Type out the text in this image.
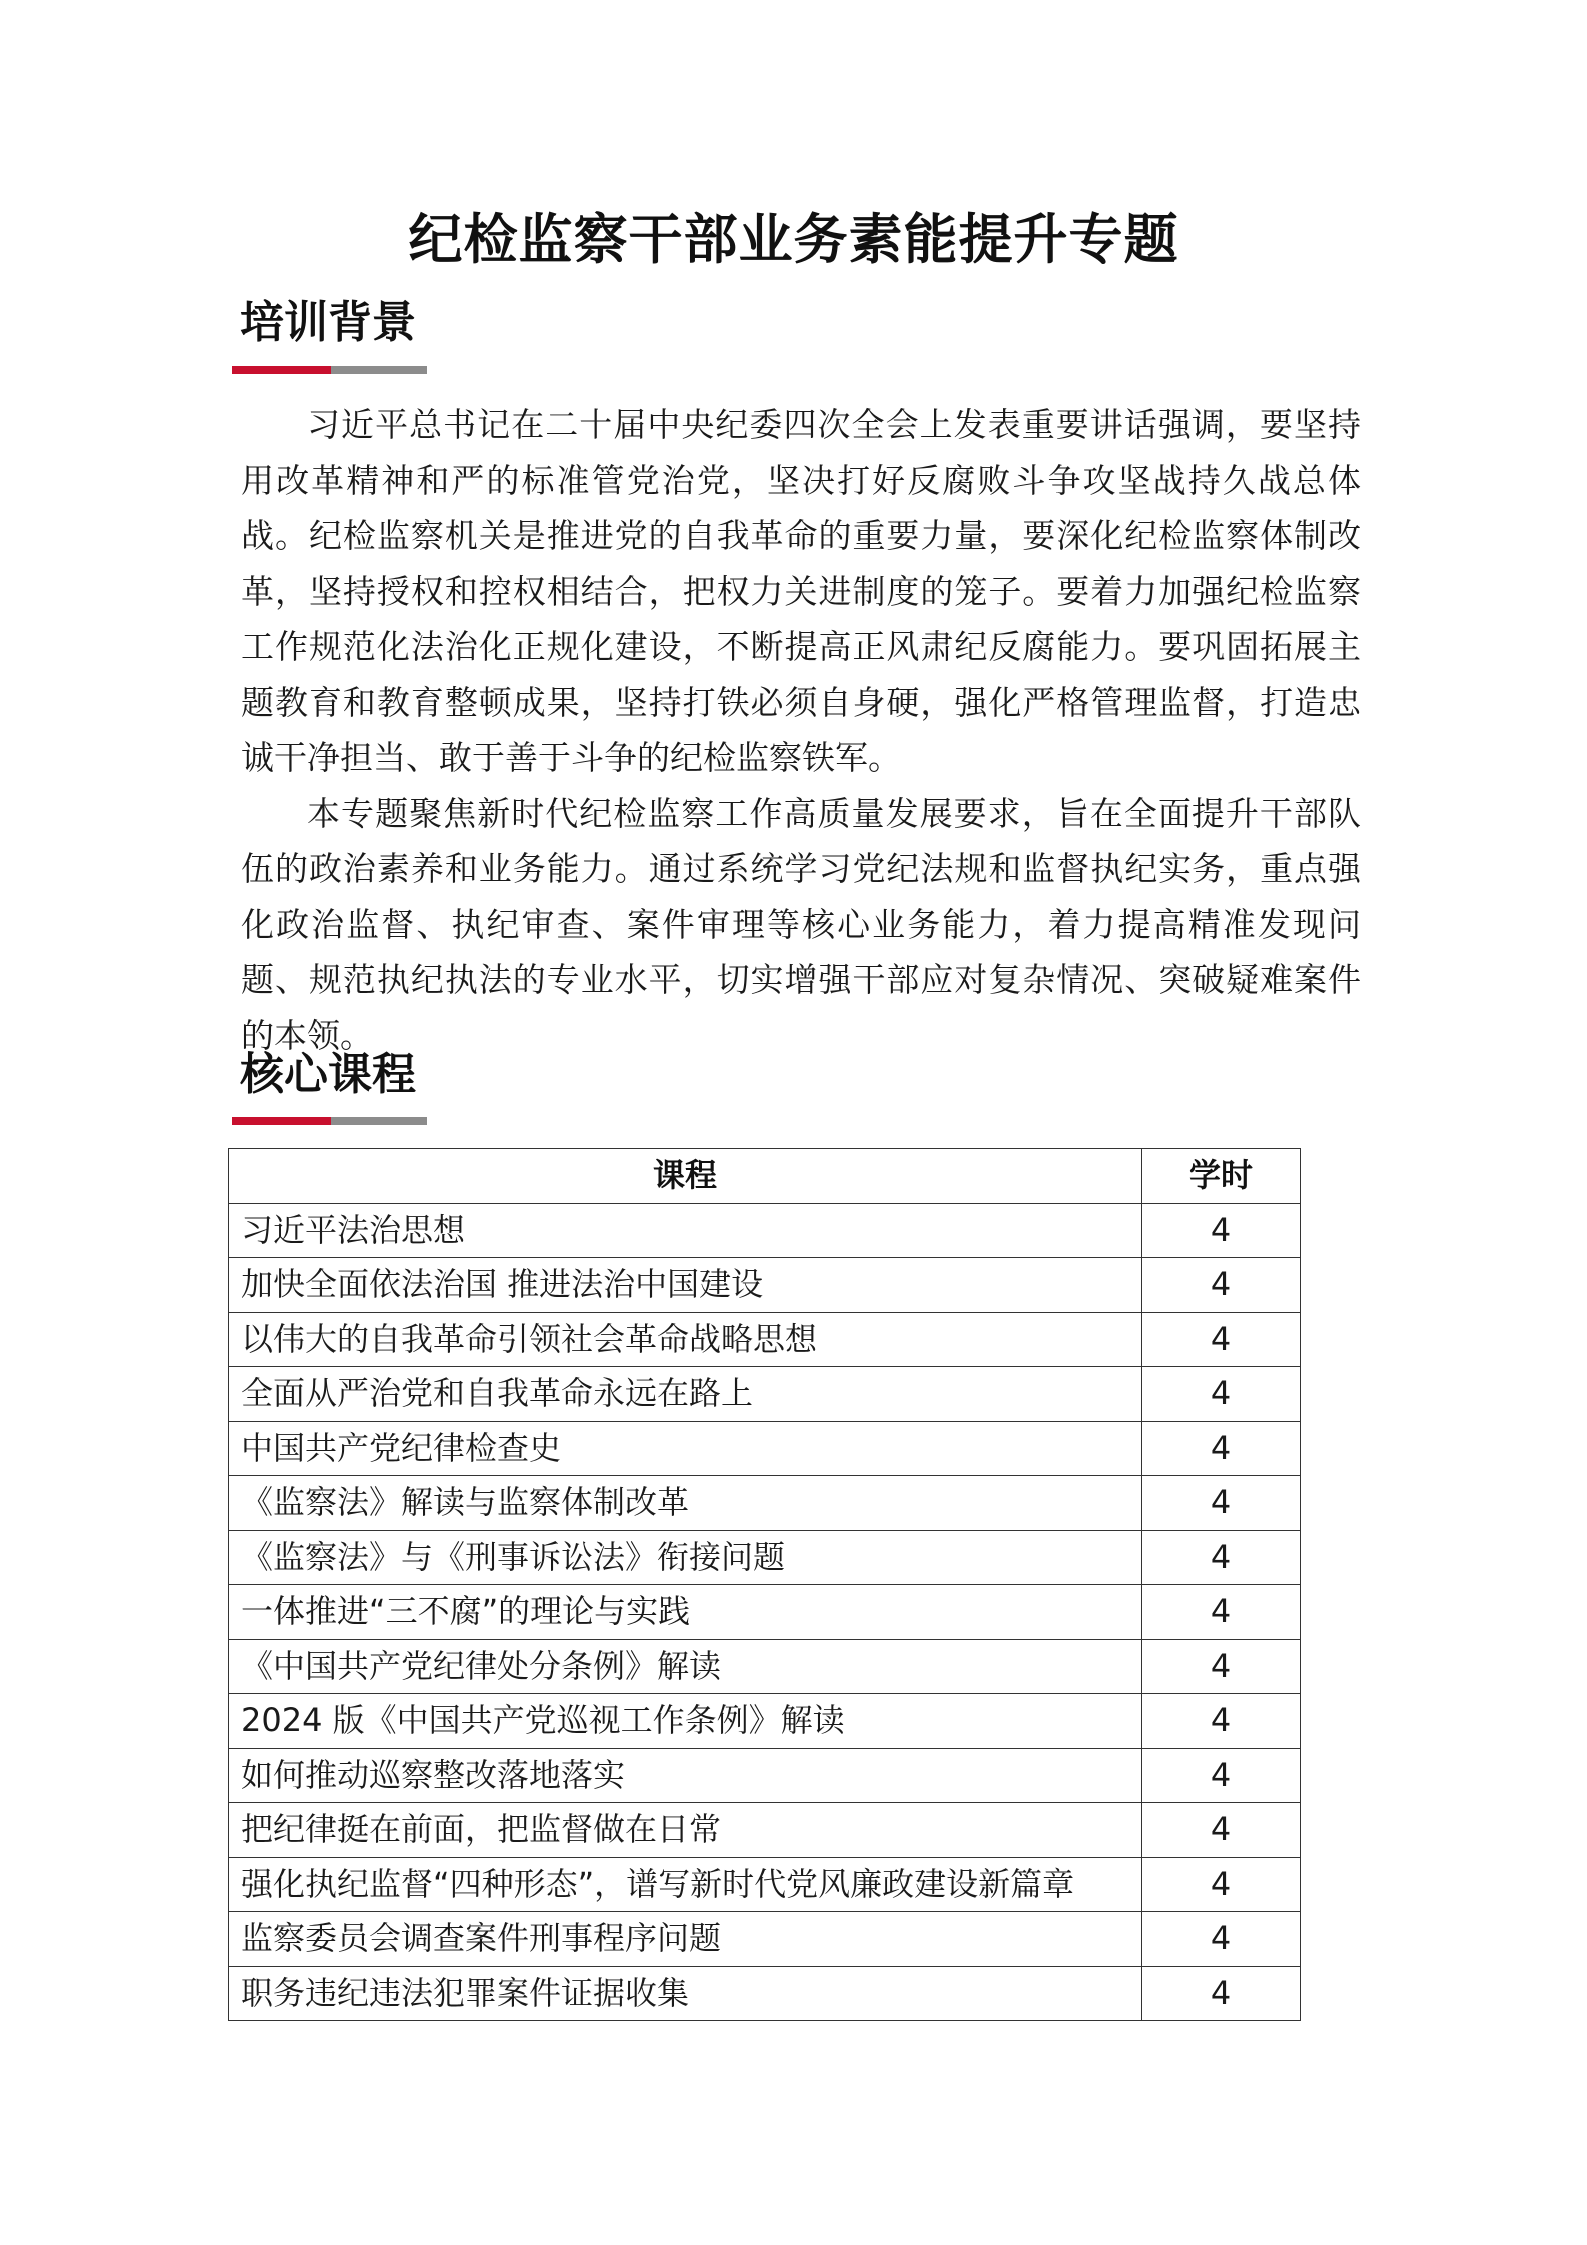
纪检监察干部业务素能提升专题
培训背景

习近平总书记在二十届中央纪委四次全会上发表重要讲话强调，要坚持用改革精神和严的标准管党治党，坚决打好反腐败斗争攻坚战持久战总体战。纪检监察机关是推进党的自我革命的重要力量，要深化纪检监察体制改革，坚持授权和控权相结合，把权力关进制度的笼子。要着力加强纪检监察工作规范化法治化正规化建设，不断提高正风肃纪反腐能力。要巩固拓展主题教育和教育整顿成果，坚持打铁必须自身硬，强化严格管理监督，打造忠诚干净担当、敢于善于斗争的纪检监察铁军。

本专题聚焦新时代纪检监察工作高质量发展要求，旨在全面提升干部队伍的政治素养和业务能力。通过系统学习党纪法规和监督执纪实务，重点强化政治监督、执纪审查、案件审理等核心业务能力，着力提高精准发现问题、规范执纪执法的专业水平，切实增强干部应对复杂情况、突破疑难案件的本领。

核心课程
课程	学时
习近平法治思想	4
加快全面依法治国 推进法治中国建设	4
以伟大的自我革命引领社会革命战略思想	4
全面从严治党和自我革命永远在路上	4
中国共产党纪律检查史	4
《监察法》解读与监察体制改革	4
《监察法》与《刑事诉讼法》衔接问题	4
一体推进“三不腐”的理论与实践	4
《中国共产党纪律处分条例》解读	4
2024 版《中国共产党巡视工作条例》解读	4
如何推动巡察整改落地落实	4
把纪律挺在前面，把监督做在日常	4
强化执纪监督“四种形态”，谱写新时代党风廉政建设新篇章	4
监察委员会调查案件刑事程序问题	4
职务违纪违法犯罪案件证据收集	4
